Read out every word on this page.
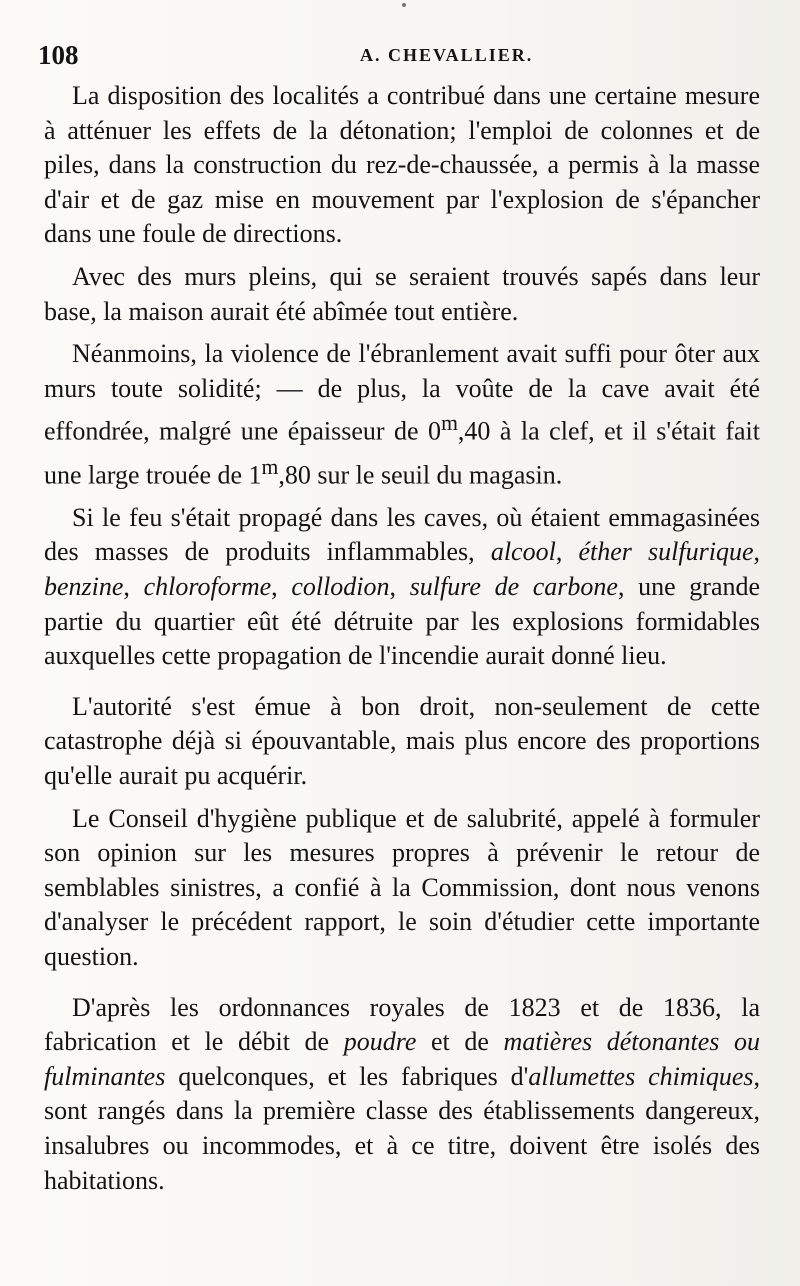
108	A. CHEVALLIER.

La disposition des localités a contribué dans une certaine mesure à atténuer les effets de la détonation; l'emploi de colonnes et de piles, dans la construction du rez-de-chaussée, a permis à la masse d'air et de gaz mise en mouvement par l'explosion de s'épancher dans une foule de directions.

Avec des murs pleins, qui se seraient trouvés sapés dans leur base, la maison aurait été abîmée tout entière.

Néanmoins, la violence de l'ébranlement avait suffi pour ôter aux murs toute solidité; — de plus, la voûte de la cave avait été effondrée, malgré une épaisseur de 0$^m$,40 à la clef, et il s'était fait une large trouée de 1$^m$,80 sur le seuil du magasin.

Si le feu s'était propagé dans les caves, où étaient emmagasinées des masses de produits inflammables, alcool, éther sulfurique, benzine, chloroforme, collodion, sulfure de carbone, une grande partie du quartier eût été détruite par les explosions formidables auxquelles cette propagation de l'incendie aurait donné lieu.

L'autorité s'est émue à bon droit, non-seulement de cette catastrophe déjà si épouvantable, mais plus encore des proportions qu'elle aurait pu acquérir.

Le Conseil d'hygiène publique et de salubrité, appelé à formuler son opinion sur les mesures propres à prévenir le retour de semblables sinistres, a confié à la Commission, dont nous venons d'analyser le précédent rapport, le soin d'étudier cette importante question.

D'après les ordonnances royales de 1823 et de 1836, la fabrication et le débit de poudre et de matières détonantes ou fulminantes quelconques, et les fabriques d'allumettes chimiques, sont rangés dans la première classe des établissements dangereux, insalubres ou incommodes, et à ce titre, doivent être isolés des habitations.
